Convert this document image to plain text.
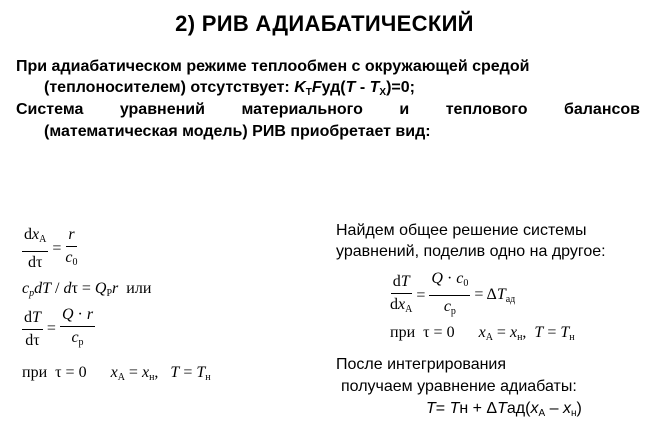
2) РИВ АДИАБАТИЧЕСКИЙ
При адиабатическом режиме теплообмен с окружающей средой
(теплоносителем) отсутствует: $K_TFуд(T - T_X)=0$;
Система уравнений материального и теплового балансов
(математическая модель) РИВ приобретает вид:
$\frac{dx_A}{d\tau} = \frac{r}{c_0}$
$c_pdT / d\tau = Q_Pr$ или
$\frac{dT}{d\tau} = \frac{Q \cdot r}{c_p}$
при  τ = 0      $x_A = x_н$,   $T = T_н$
Найдем общее решение системы
уравнений, поделив одно на другое:
$\frac{dT}{dx_A} = \frac{Q \cdot c_0}{c_p} = \Delta T_{ад}$
при  τ = 0      $x_A = x_н$,  $T = T_н$
После интегрирования
получаем уравнение адиабаты:
T= Tн + $\Delta Tад(x_А - x_н)$
